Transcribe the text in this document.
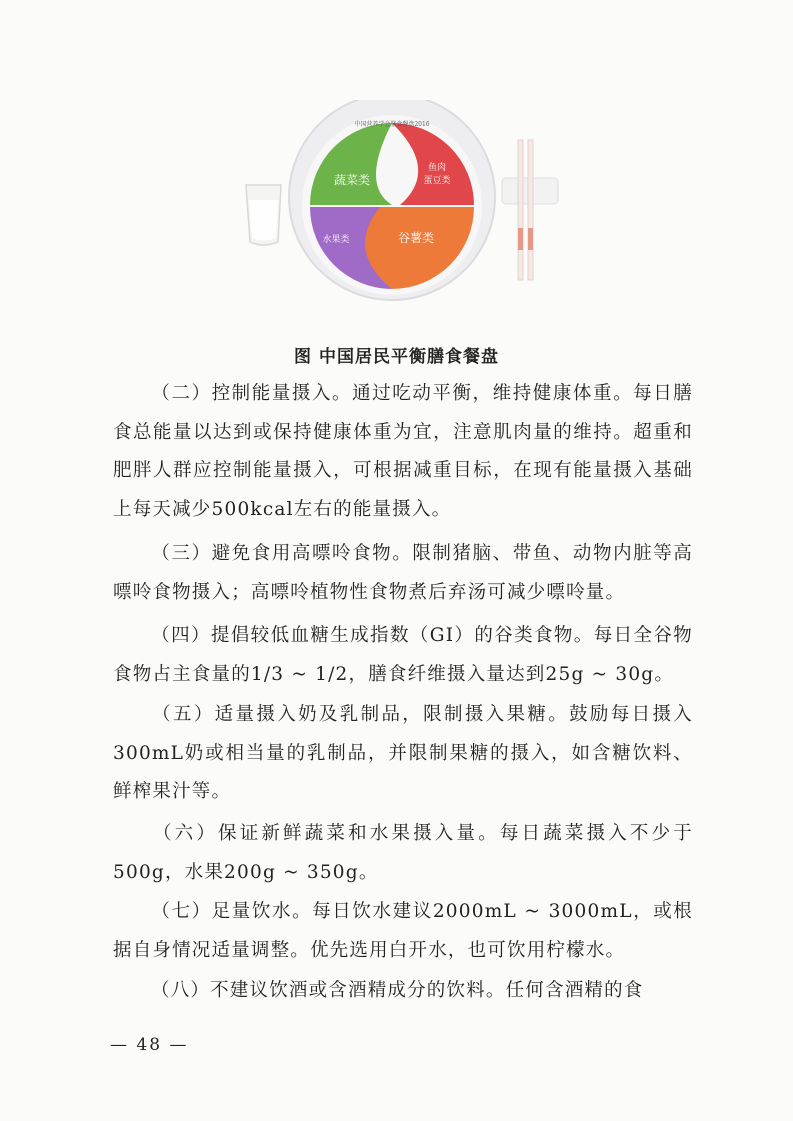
中国营养学会膳食餐盘2016
蔬菜类
鱼肉
蛋豆类
水果类	谷薯类
图 中国居民平衡膳食餐盘

（二）控制能量摄入。通过吃动平衡，维持健康体重。每日膳食总能量以达到或保持健康体重为宜，注意肌肉量的维持。超重和肥胖人群应控制能量摄入，可根据减重目标，在现有能量摄入基础上每天减少500kcal左右的能量摄入。

（三）避免食用高嘌呤食物。限制猪脑、带鱼、动物内脏等高嘌呤食物摄入；高嘌呤植物性食物煮后弃汤可减少嘌呤量。

（四）提倡较低血糖生成指数（GI）的谷类食物。每日全谷物食物占主食量的1/3 ~ 1/2，膳食纤维摄入量达到25g ~ 30g。

（五）适量摄入奶及乳制品，限制摄入果糖。鼓励每日摄入300mL奶或相当量的乳制品，并限制果糖的摄入，如含糖饮料、鲜榨果汁等。

（六）保证新鲜蔬菜和水果摄入量。每日蔬菜摄入不少于500g，水果200g ~ 350g。

（七）足量饮水。每日饮水建议2000mL ~ 3000mL，或根据自身情况适量调整。优先选用白开水，也可饮用柠檬水。

（八）不建议饮酒或含酒精成分的饮料。任何含酒精的食

— 48 —
